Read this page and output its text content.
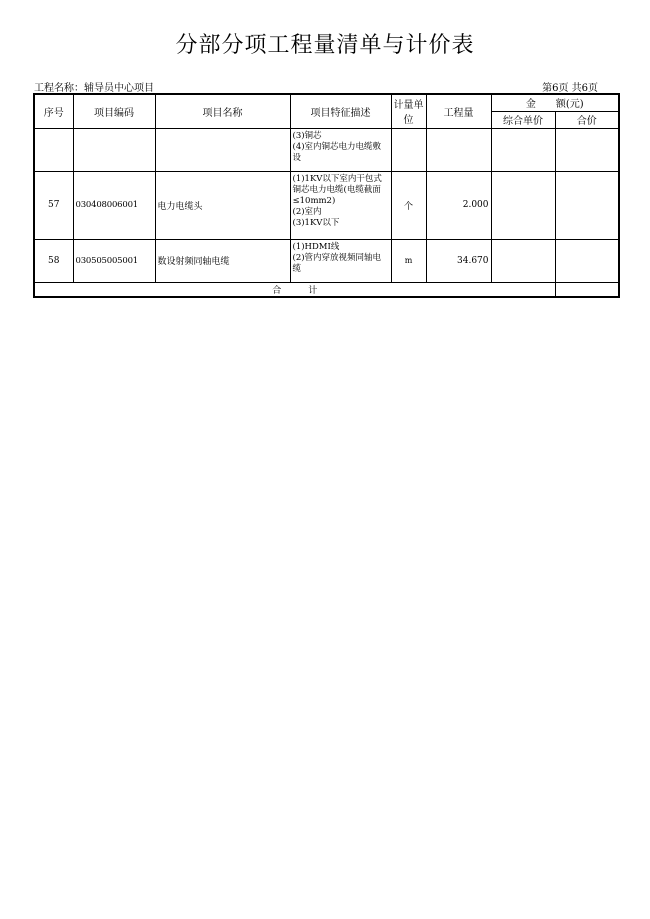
分部分项工程量清单与计价表
工程名称：辅导员中心项目	第6页 共6页
序号	项目编码	项目名称	项目特征描述	计量单位	工程量	金　　额(元)	
						综合单价	合价
			(3)铜芯
(4)室内铜芯电力电缆敷设				
57	030408006001	电力电缆头	(1)1KV以下室内干包式铜芯电力电缆(电缆截面≤10mm2)
(2)室内
(3)1KV以下	个	2.000		
58	030505005001	数设射频同轴电缆	(1)HDMI线
(2)管内穿放视频同轴电缆	m	34.670		
合　　　计							
